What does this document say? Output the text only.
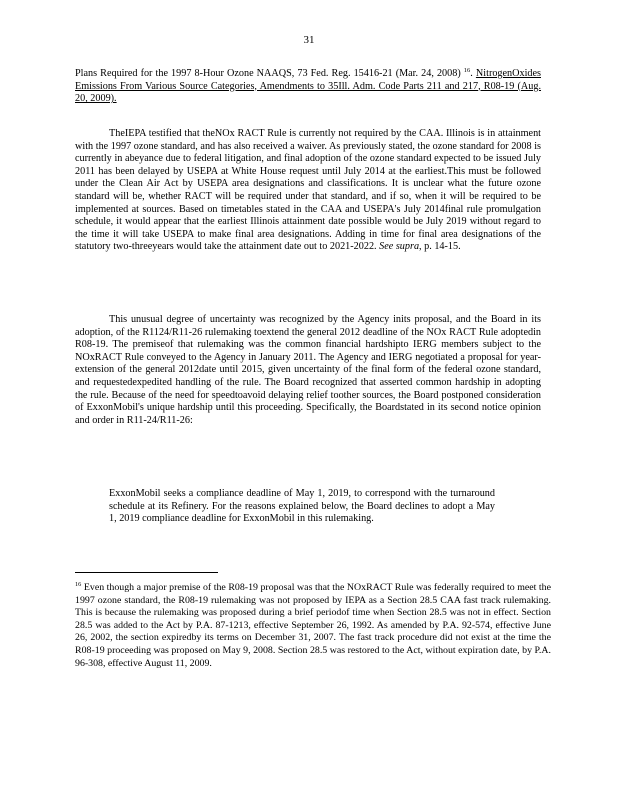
31
Plans Required for the 1997 8-Hour Ozone NAAQS, 73 Fed. Reg. 15416-21 (Mar. 24, 2008) $^{16}$. NitrogenOxides Emissions From Various Source Categories, Amendments to 35Ill. Adm. Code Parts 211 and 217, R08-19 (Aug. 20, 2009).
TheIEPA testified that theNOx RACT Rule is currently not required by the CAA. Illinois is in attainment with the 1997 ozone standard, and has also received a waiver. As previously stated, the ozone standard for 2008 is currently in abeyance due to federal litigation, and final adoption of the ozone standard expected to be issued July 2011 has been delayed by USEPA at White House request until July 2014 at the earliest.This must be followed under the Clean Air Act by USEPA area designations and classifications. It is unclear what the future ozone standard will be, whether RACT will be required under that standard, and if so, when it will be required to be implemented at sources. Based on timetables stated in the CAA and USEPA's July 2014final rule promulgation schedule, it would appear that the earliest Illinois attainment date possible would be July 2019 without regard to the time it will take USEPA to make final area designations. Adding in time for final area designations of the statutory two-threeyears would take the attainment date out to 2021-2022. See supra, p. 14-15.
This unusual degree of uncertainty was recognized by the Agency inits proposal, and the Board in its adoption, of the R1124/R11-26 rulemaking toextend the general 2012 deadline of the NOx RACT Rule adoptedin R08-19. The premiseof that rulemaking was the common financial hardshipto IERG members subject to the NOxRACT Rule conveyed to the Agency in January 2011. The Agency and IERG negotiated a proposal for year-extension of the general 2012date until 2015, given uncertainty of the final form of the federal ozone standard, and requestedexpedited handling of the rule. The Board recognized that asserted common hardship in adopting the rule. Because of the need for speedtoavoid delaying relief toother sources, the Board postponed consideration of ExxonMobil's unique hardship until this proceeding. Specifically, the Boardstated in its second notice opinion and order in R11-24/R11-26:
ExxonMobil seeks a compliance deadline of May 1, 2019, to correspond with the turnaround schedule at its Refinery. For the reasons explained below, the Board declines to adopt a May 1, 2019 compliance deadline for ExxonMobil in this rulemaking.
$^{16}$ Even though a major premise of the R08-19 proposal was that the NOxRACT Rule was federally required to meet the 1997 ozone standard, the R08-19 rulemaking was not proposed by IEPA as a Section 28.5 CAA fast track rulemaking. This is because the rulemaking was proposed during a brief periodof time when Section 28.5 was not in effect. Section 28.5 was added to the Act by P.A. 87-1213, effective September 26, 1992. As amended by P.A. 92-574, effective June 26, 2002, the section expiredby its terms on December 31, 2007. The fast track procedure did not exist at the time the R08-19 proceeding was proposed on May 9, 2008. Section 28.5 was restored to the Act, without expiration date, by P.A. 96-308, effective August 11, 2009.
